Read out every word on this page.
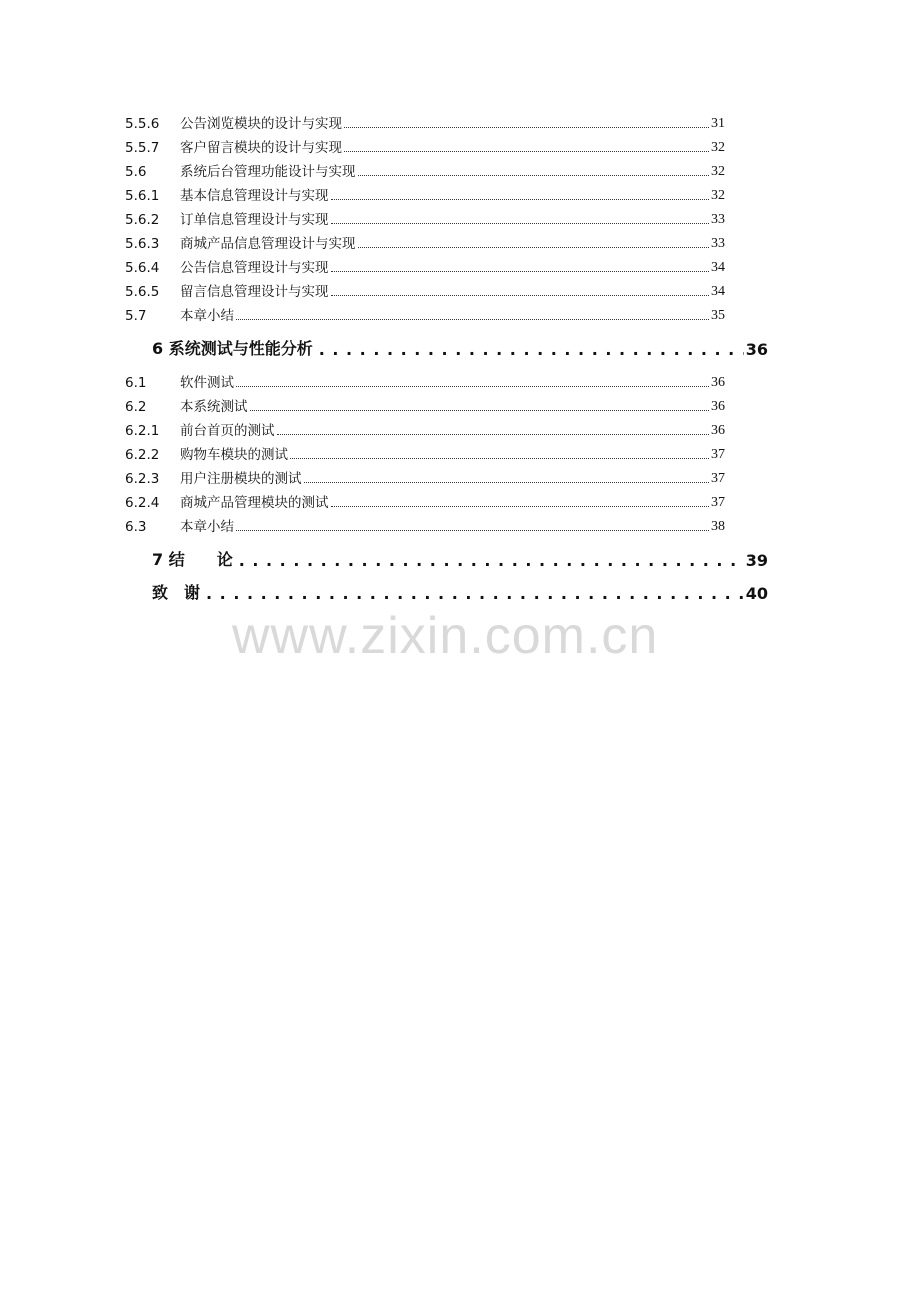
5.5.6	公告浏览模块的设计与实现	31
5.5.7	客户留言模块的设计与实现	32
5.6	系统后台管理功能设计与实现	32
5.6.1	基本信息管理设计与实现	32
5.6.2	订单信息管理设计与实现	33
5.6.3	商城产品信息管理设计与实现	33
5.6.4	公告信息管理设计与实现	34
5.6.5	留言信息管理设计与实现	34
5.7	本章小结	35
6 系统测试与性能分析 . . .	36
6.1	软件测试	36
6.2	本系统测试	36
6.2.1	前台首页的测试	36
6.2.2	购物车模块的测试	37
6.2.3	用户注册模块的测试	37
6.2.4	商城产品管理模块的测试	37
6.3	本章小结	38
7 结　　论 . . .	39
致　谢 . . .	40
www.zixin.com.cn
